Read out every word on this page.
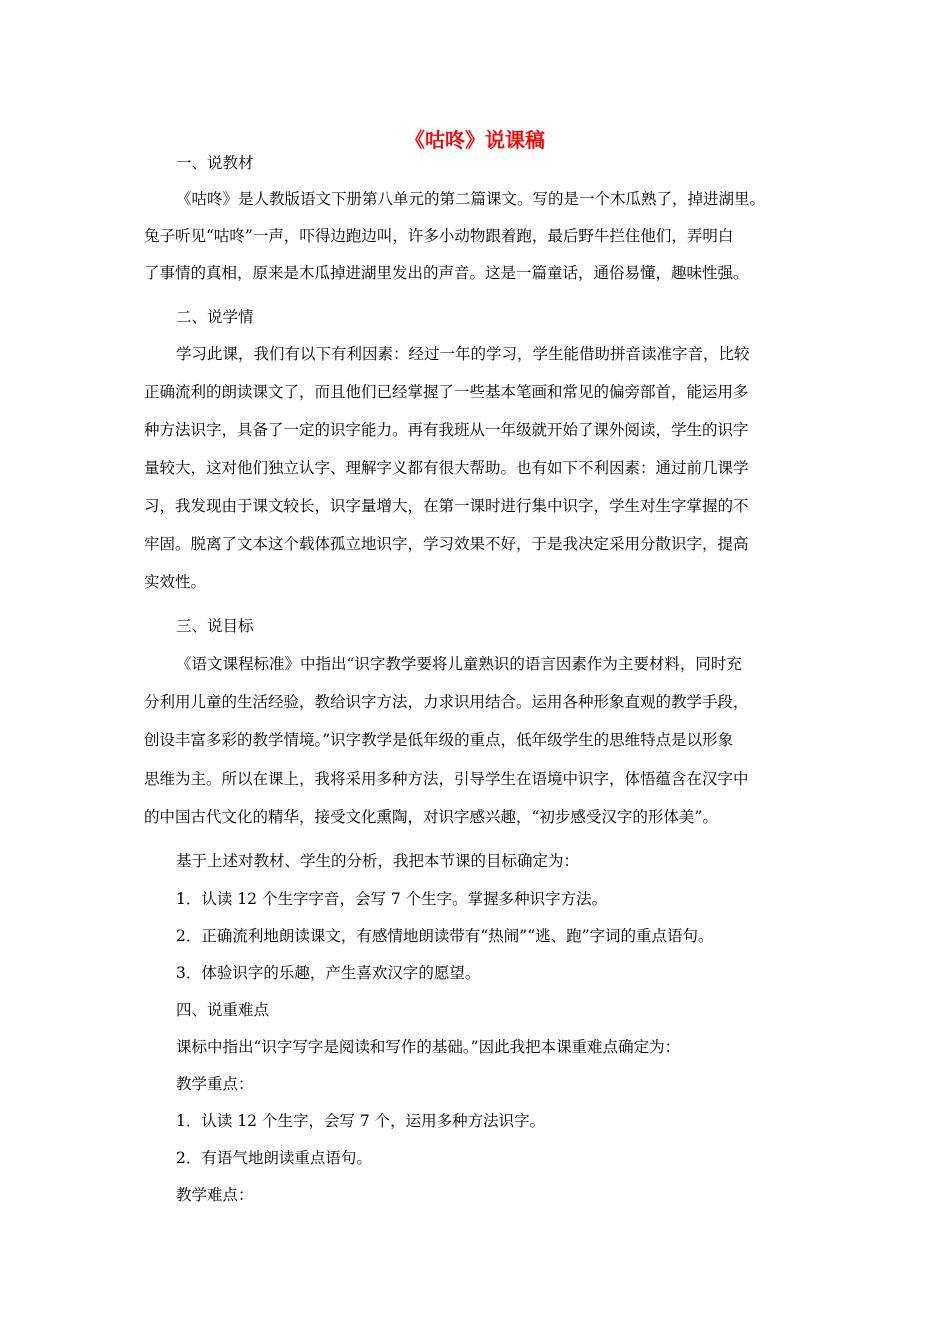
《咕咚》说课稿
一、说教材
《咕咚》是人教版语文下册第八单元的第二篇课文。写的是一个木瓜熟了，掉进湖里。
兔子听见“咕咚”一声，吓得边跑边叫，许多小动物跟着跑，最后野牛拦住他们，弄明白
了事情的真相，原来是木瓜掉进湖里发出的声音。这是一篇童话，通俗易懂，趣味性强。
二、说学情
学习此课，我们有以下有利因素：经过一年的学习，学生能借助拼音读准字音，比较
正确流利的朗读课文了，而且他们已经掌握了一些基本笔画和常见的偏旁部首，能运用多
种方法识字，具备了一定的识字能力。再有我班从一年级就开始了课外阅读，学生的识字
量较大，这对他们独立认字、理解字义都有很大帮助。也有如下不利因素：通过前几课学
习，我发现由于课文较长，识字量增大，在第一课时进行集中识字，学生对生字掌握的不
牢固。脱离了文本这个载体孤立地识字，学习效果不好，于是我决定采用分散识字，提高
实效性。
三、说目标
《语文课程标准》中指出“识字教学要将儿童熟识的语言因素作为主要材料，同时充
分利用儿童的生活经验，教给识字方法，力求识用结合。运用各种形象直观的教学手段，
创设丰富多彩的教学情境。”识字教学是低年级的重点，低年级学生的思维特点是以形象
思维为主。所以在课上，我将采用多种方法，引导学生在语境中识字，体悟蕴含在汉字中
的中国古代文化的精华，接受文化熏陶，对识字感兴趣，“初步感受汉字的形体美”。
基于上述对教材、学生的分析，我把本节课的目标确定为：
1．认读 12 个生字字音，会写 7 个生字。掌握多种识字方法。
2．正确流利地朗读课文，有感情地朗读带有“热闹”“逃、跑”字词的重点语句。
3．体验识字的乐趣，产生喜欢汉字的愿望。
四、说重难点
课标中指出“识字写字是阅读和写作的基础。”因此我把本课重难点确定为：
教学重点：
1．认读 12 个生字，会写 7 个，运用多种方法识字。
2．有语气地朗读重点语句。
教学难点：
